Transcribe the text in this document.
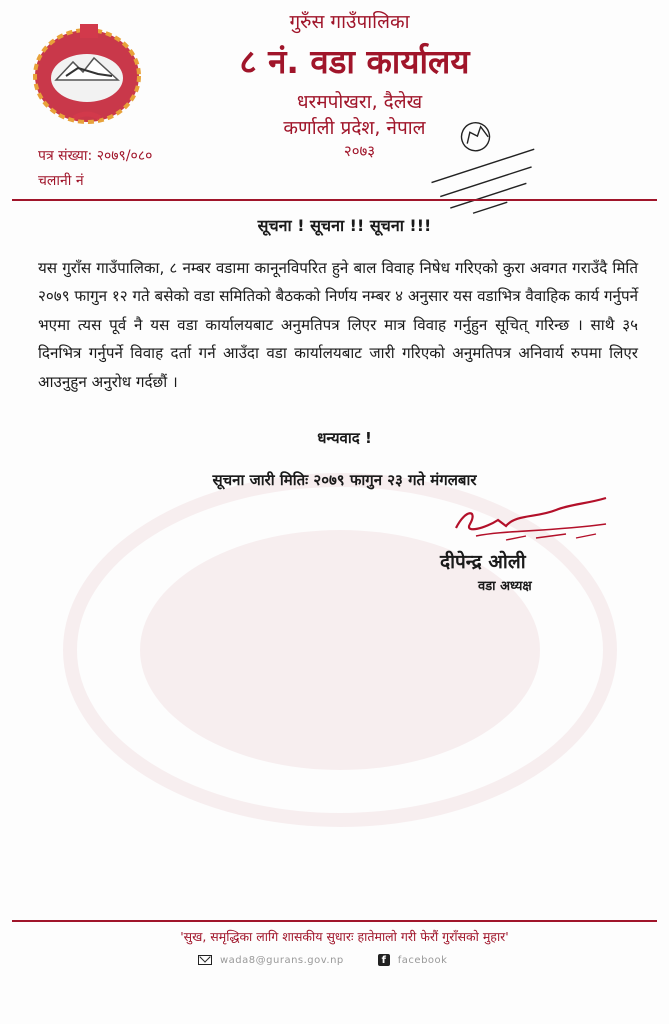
गुरुँस गाउँपालिका
८ नं. वडा कार्यालय
धरमपोखरा, दैलेख
कर्णाली प्रदेश, नेपाल
२०७३
पत्र संख्या: २०७९/०८०
चलानी नं
सूचना ! सूचना !! सूचना !!!
यस गुराँस गाउँपालिका, ८ नम्बर वडामा कानूनविपरित हुने बाल विवाह निषेध गरिएको कुरा अवगत गराउँदै मिति २०७९ फागुन १२ गते बसेको वडा समितिको बैठकको निर्णय नम्बर ४ अनुसार यस वडाभित्र वैवाहिक कार्य गर्नुपर्ने भएमा त्यस पूर्व नै यस वडा कार्यालयबाट अनुमतिपत्र लिएर मात्र विवाह गर्नुहुन सूचित् गरिन्छ । साथै ३५ दिनभित्र गर्नुपर्ने विवाह दर्ता गर्न आउँदा वडा कार्यालयबाट जारी गरिएको अनुमतिपत्र अनिवार्य रुपमा लिएर आउनुहुन अनुरोध गर्दछौं ।
धन्यवाद !
सूचना जारी मितिः २०७९ फागुन २३ गते मंगलबार
दीपेन्द्र ओली
वडा अध्यक्ष
'सुख, समृद्धिका लागि शासकीय सुधारः हातेमालो गरी फेरौं गुराँसको मुहार'
wada8@gurans.gov.np	f	facebook
